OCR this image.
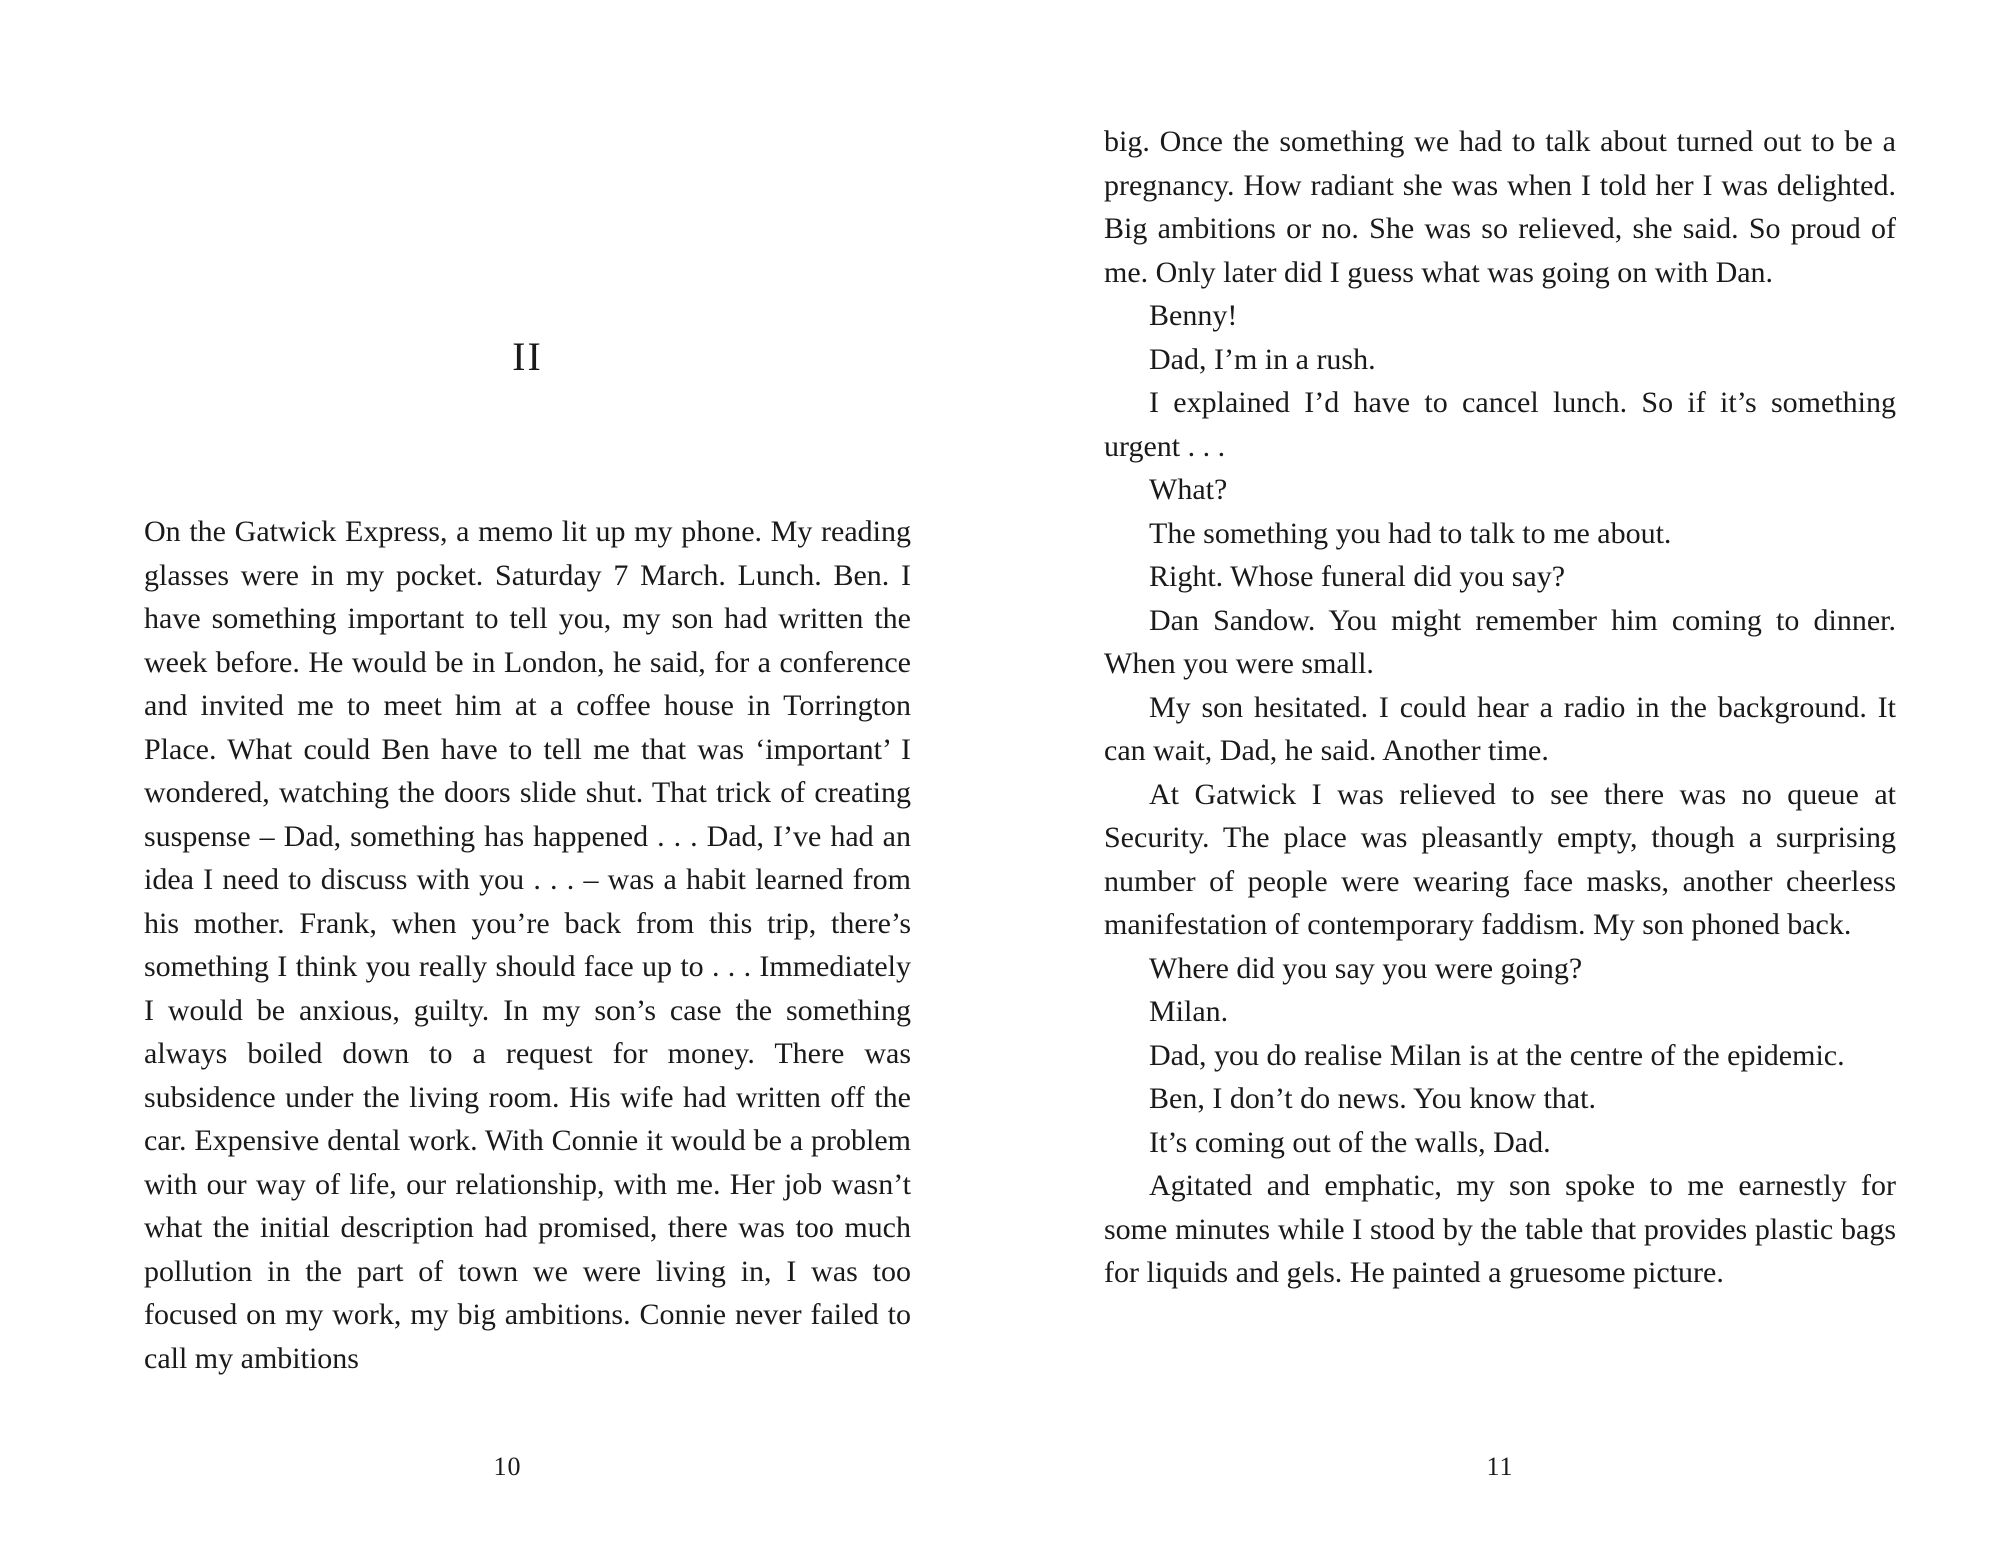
II

On the Gatwick Express, a memo lit up my phone. My reading glasses were in my pocket. Saturday 7 March. Lunch. Ben. I have something important to tell you, my son had written the week before. He would be in London, he said, for a conference and invited me to meet him at a coffee house in Torrington Place. What could Ben have to tell me that was ‘important’ I wondered, watching the doors slide shut. That trick of creating suspense – Dad, something has happened . . . Dad, I’ve had an idea I need to discuss with you . . . – was a habit learned from his mother. Frank, when you’re back from this trip, there’s something I think you really should face up to . . . Immediately I would be anxious, guilty. In my son’s case the something always boiled down to a request for money. There was subsidence under the living room. His wife had written off the car. Expensive dental work. With Connie it would be a problem with our way of life, our relationship, with me. Her job wasn’t what the initial description had promised, there was too much pollution in the part of town we were living in, I was too focused on my work, my big ambitions. Connie never failed to call my ambitions

10

big. Once the something we had to talk about turned out to be a pregnancy. How radiant she was when I told her I was delighted. Big ambitions or no. She was so relieved, she said. So proud of me. Only later did I guess what was going on with Dan.

Benny!

Dad, I’m in a rush.

I explained I’d have to cancel lunch. So if it’s something urgent . . .

What?

The something you had to talk to me about.

Right. Whose funeral did you say?

Dan Sandow. You might remember him coming to dinner. When you were small.

My son hesitated. I could hear a radio in the background. It can wait, Dad, he said. Another time.

At Gatwick I was relieved to see there was no queue at Security. The place was pleasantly empty, though a surprising number of people were wearing face masks, another cheerless manifestation of contemporary faddism. My son phoned back.

Where did you say you were going?

Milan.

Dad, you do realise Milan is at the centre of the epidemic.

Ben, I don’t do news. You know that.

It’s coming out of the walls, Dad.

Agitated and emphatic, my son spoke to me earnestly for some minutes while I stood by the table that provides plastic bags for liquids and gels. He painted a gruesome picture.

11
